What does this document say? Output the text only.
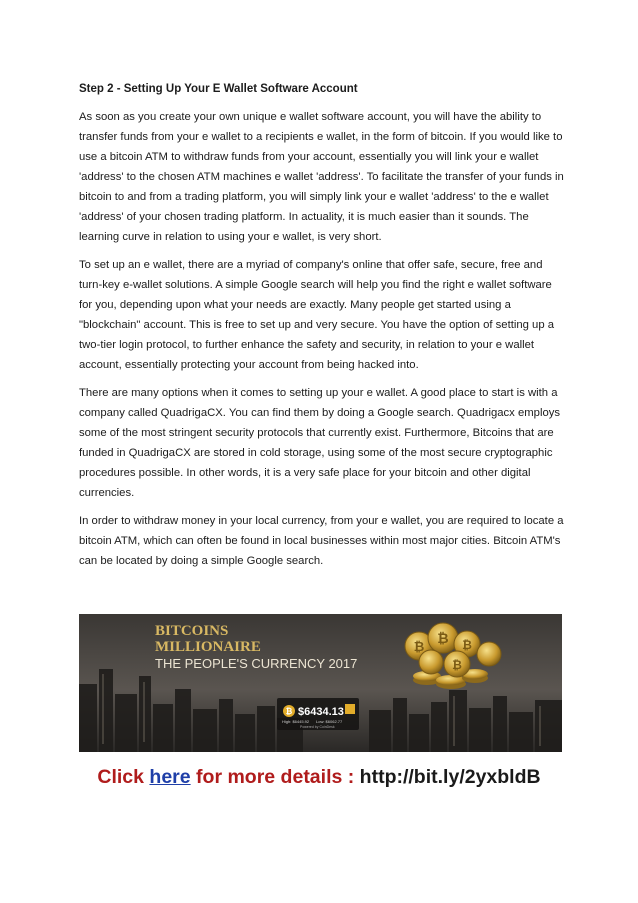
Step 2 - Setting Up Your E Wallet Software Account

As soon as you create your own unique e wallet software account, you will have the ability to transfer funds from your e wallet to a recipients e wallet, in the form of bitcoin. If you would like to use a bitcoin ATM to withdraw funds from your account, essentially you will link your e wallet 'address' to the chosen ATM machines e wallet 'address'. To facilitate the transfer of your funds in bitcoin to and from a trading platform, you will simply link your e wallet 'address' to the e wallet 'address' of your chosen trading platform. In actuality, it is much easier than it sounds. The learning curve in relation to using your e wallet, is very short.

To set up an e wallet, there are a myriad of company's online that offer safe, secure, free and turn-key e-wallet solutions. A simple Google search will help you find the right e wallet software for you, depending upon what your needs are exactly. Many people get started using a "blockchain" account. This is free to set up and very secure. You have the option of setting up a two-tier login protocol, to further enhance the safety and security, in relation to your e wallet account, essentially protecting your account from being hacked into.

There are many options when it comes to setting up your e wallet. A good place to start is with a company called QuadrigaCX. You can find them by doing a Google search. Quadrigacx employs some of the most stringent security protocols that currently exist. Furthermore, Bitcoins that are funded in QuadrigaCX are stored in cold storage, using some of the most secure cryptographic procedures possible. In other words, it is a very safe place for your bitcoin and other digital currencies.

In order to withdraw money in your local currency, from your e wallet, you are required to locate a bitcoin ATM, which can often be found in local businesses within most major cities. Bitcoin ATM's can be located by doing a simple Google search.

BITCOINS
MILLIONAIRE
THE PEOPLE'S CURRENCY 2017
₿
₿ ₿
₿
₿ $6434.13
High: $6445.92 Low: $6062.77
Powered by CoinDesk
Click here for more details : http://bit.ly/2yxbldB
